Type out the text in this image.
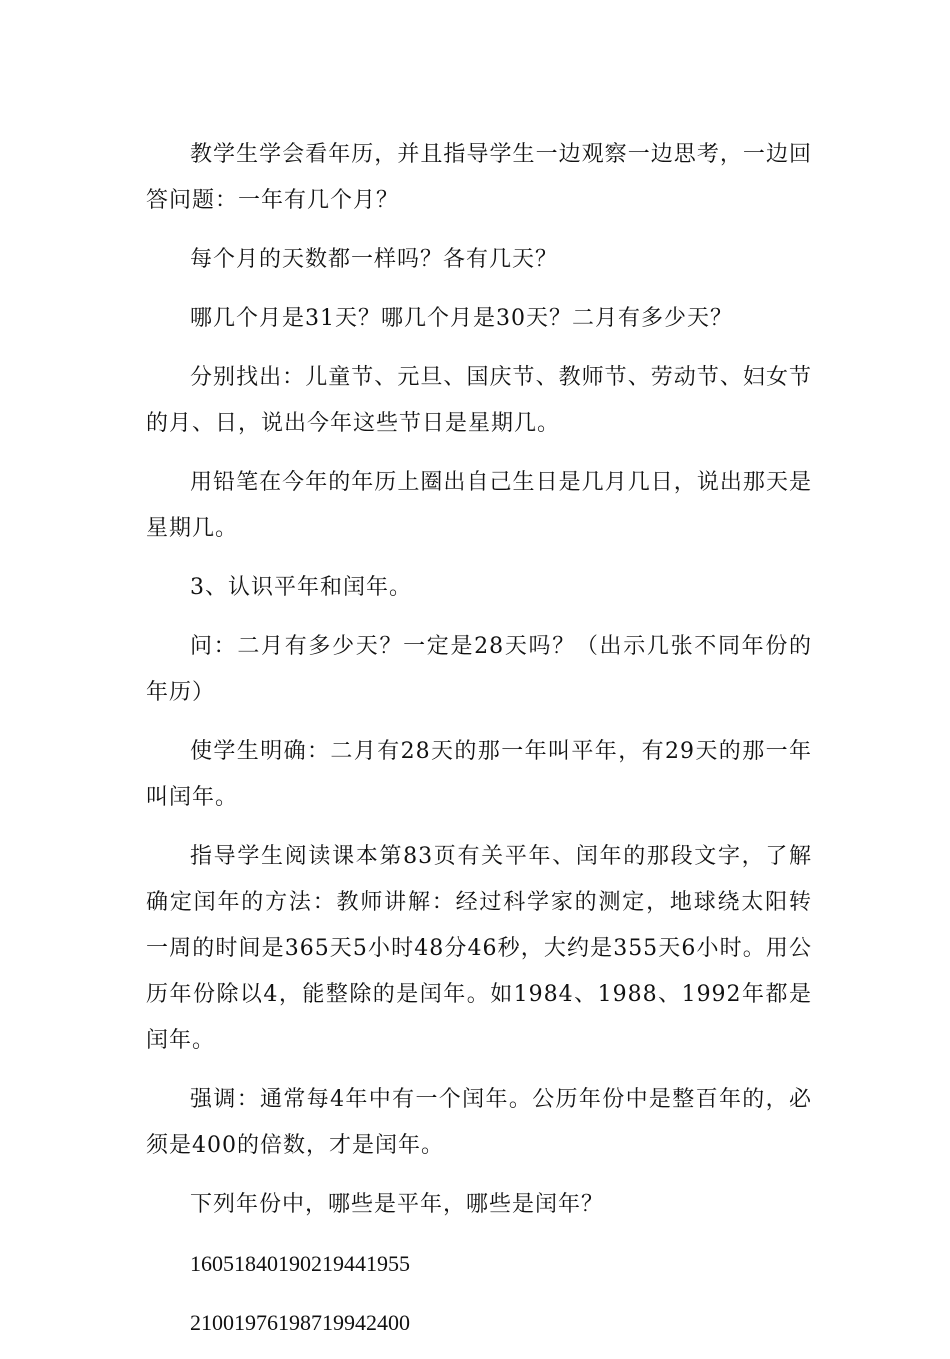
教学生学会看年历，并且指导学生一边观察一边思考，一边回答问题：一年有几个月？

每个月的天数都一样吗？各有几天？

哪几个月是31天？哪几个月是30天？二月有多少天？

分别找出：儿童节、元旦、国庆节、教师节、劳动节、妇女节的月、日，说出今年这些节日是星期几。

用铅笔在今年的年历上圈出自己生日是几月几日，说出那天是星期几。

3、认识平年和闰年。

问：二月有多少天？一定是28天吗？（出示几张不同年份的年历）

使学生明确：二月有28天的那一年叫平年，有29天的那一年叫闰年。

指导学生阅读课本第83页有关平年、闰年的那段文字，了解确定闰年的方法：教师讲解：经过科学家的测定，地球绕太阳转一周的时间是365天5小时48分46秒，大约是355天6小时。用公历年份除以4，能整除的是闰年。如1984、1988、1992年都是闰年。

强调：通常每4年中有一个闰年。公历年份中是整百年的，必须是400的倍数，才是闰年。

下列年份中，哪些是平年，哪些是闰年？

16051840190219441955

21001976198719942400
